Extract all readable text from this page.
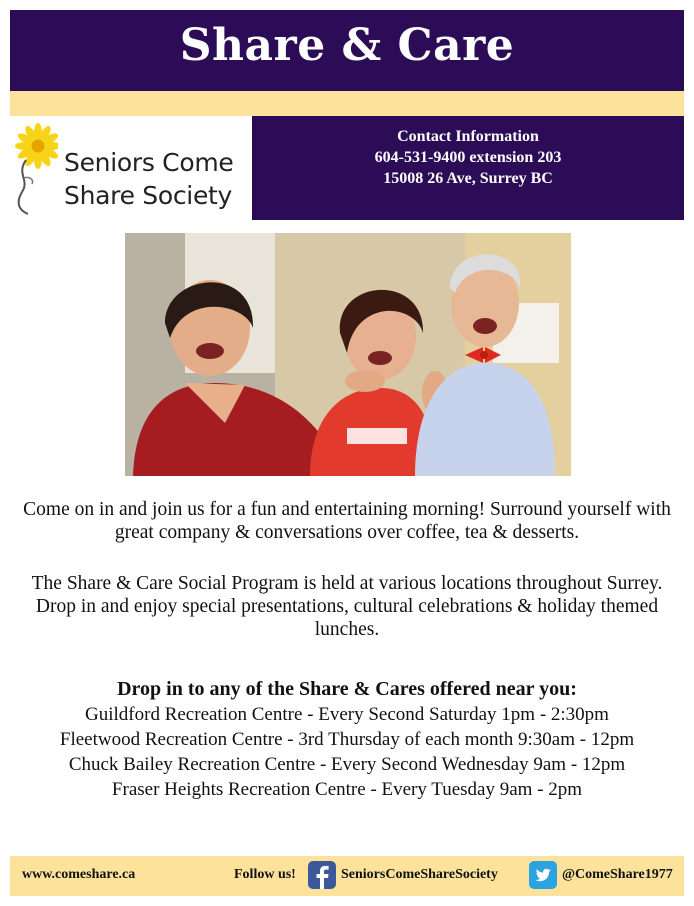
Share & Care
Seniors Come
Share Society
Contact Information
604-531-9400 extension 203
15008 26 Ave, Surrey BC
Come on in and join us for a fun and entertaining morning! Surround yourself with great company & conversations over coffee, tea & desserts.
The Share & Care Social Program is held at various locations throughout Surrey. Drop in and enjoy special presentations, cultural celebrations & holiday themed lunches.
Drop in to any of the Share & Cares offered near you:
Guildford Recreation Centre - Every Second Saturday 1pm - 2:30pm
Fleetwood Recreation Centre - 3rd Thursday of each month 9:30am - 12pm
Chuck Bailey Recreation Centre - Every Second Wednesday 9am - 12pm
Fraser Heights Recreation Centre - Every Tuesday 9am - 2pm
www.comeshare.ca	Follow us!	SeniorsComeShareSociety	@ComeShare1977
